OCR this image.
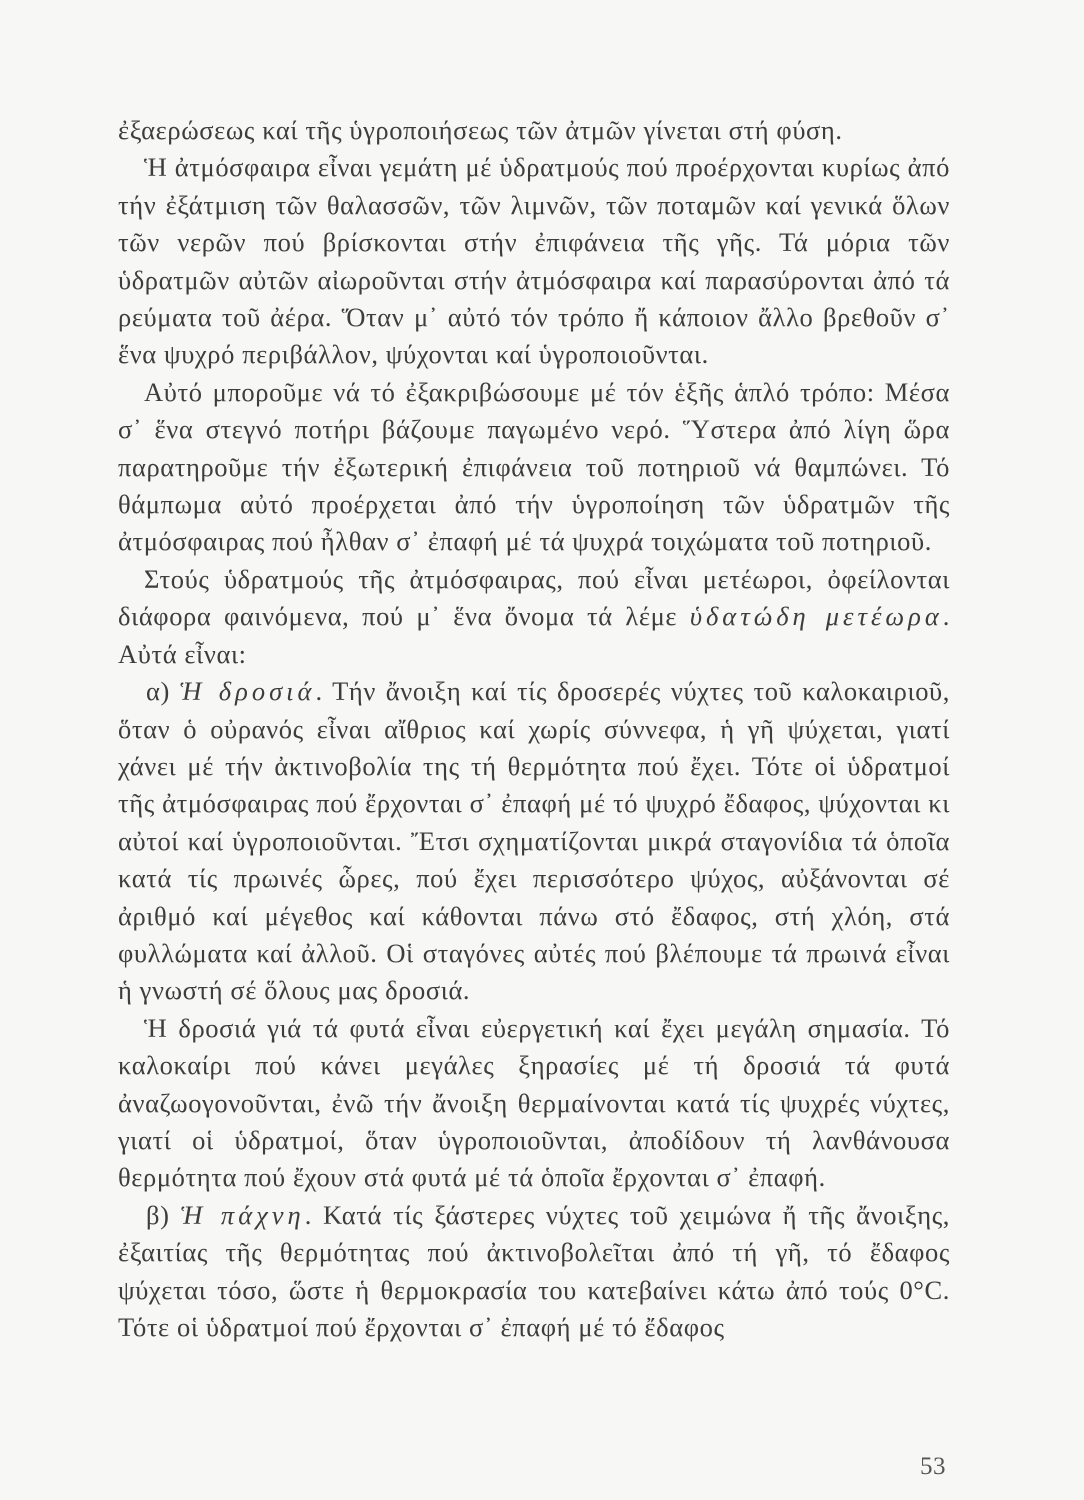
ἐξαερώσεως καί τῆς ὑγροποιήσεως τῶν ἀτμῶν γίνεται στή φύση.

Ἡ ἀτμόσφαιρα εἶναι γεμάτη μέ ὑδρατμούς πού προέρχονται κυρίως ἀπό τήν ἐξάτμιση τῶν θαλασσῶν, τῶν λιμνῶν, τῶν ποταμῶν καί γενικά ὅλων τῶν νερῶν πού βρίσκονται στήν ἐπιφάνεια τῆς γῆς. Τά μόρια τῶν ὑδρατμῶν αὐτῶν αἰωροῦνται στήν ἀτμόσφαιρα καί παρασύρονται ἀπό τά ρεύματα τοῦ ἀέρα. Ὅταν μ᾽ αὐτό τόν τρόπο ἤ κάποιον ἄλλο βρεθοῦν σ᾽ ἕνα ψυχρό περιβάλλον, ψύχονται καί ὑγροποιοῦνται.

Αὐτό μποροῦμε νά τό ἐξακριβώσουμε μέ τόν ἑξῆς ἁπλό τρόπο: Μέσα σ᾽ ἕνα στεγνό ποτήρι βάζουμε παγωμένο νερό. Ὕστερα ἀπό λίγη ὥρα παρατηροῦμε τήν ἐξωτερική ἐπιφάνεια τοῦ ποτηριοῦ νά θαμπώνει. Τό θάμπωμα αὐτό προέρχεται ἀπό τήν ὑγροποίηση τῶν ὑδρατμῶν τῆς ἀτμόσφαιρας πού ἦλθαν σ᾽ ἐπαφή μέ τά ψυχρά τοιχώματα τοῦ ποτηριοῦ.

Στούς ὑδρατμούς τῆς ἀτμόσφαιρας, πού εἶναι μετέωροι, ὀφείλονται διάφορα φαινόμενα, πού μ᾽ ἕνα ὄνομα τά λέμε ὑδατώδη μετέωρα. Αὐτά εἶναι:

α) Ἡ δροσιά. Τήν ἄνοιξη καί τίς δροσερές νύχτες τοῦ καλοκαιριοῦ, ὅταν ὁ οὐρανός εἶναι αἴθριος καί χωρίς σύννεφα, ἡ γῆ ψύχεται, γιατί χάνει μέ τήν ἀκτινοβολία της τή θερμότητα πού ἔχει. Τότε οἱ ὑδρατμοί τῆς ἀτμόσφαιρας πού ἔρχονται σ᾽ ἐπαφή μέ τό ψυχρό ἔδαφος, ψύχονται κι αὐτοί καί ὑγροποιοῦνται. Ἔτσι σχηματίζονται μικρά σταγονίδια τά ὁποῖα κατά τίς πρωινές ὧρες, πού ἔχει περισσότερο ψύχος, αὐξάνονται σέ ἀριθμό καί μέγεθος καί κάθονται πάνω στό ἔδαφος, στή χλόη, στά φυλλώματα καί ἀλλοῦ. Οἱ σταγόνες αὐτές πού βλέπουμε τά πρωινά εἶναι ἡ γνωστή σέ ὅλους μας δροσιά.

Ἡ δροσιά γιά τά φυτά εἶναι εὐεργετική καί ἔχει μεγάλη σημασία. Τό καλοκαίρι πού κάνει μεγάλες ξηρασίες μέ τή δροσιά τά φυτά ἀναζωογονοῦνται, ἐνῶ τήν ἄνοιξη θερμαίνονται κατά τίς ψυχρές νύχτες, γιατί οἱ ὑδρατμοί, ὅταν ὑγροποιοῦνται, ἀποδίδουν τή λανθάνουσα θερμότητα πού ἔχουν στά φυτά μέ τά ὁποῖα ἔρχονται σ᾽ ἐπαφή.

β) Ἡ πάχνη. Κατά τίς ξάστερες νύχτες τοῦ χειμώνα ἤ τῆς ἄνοιξης, ἐξαιτίας τῆς θερμότητας πού ἀκτινοβολεῖται ἀπό τή γῆ, τό ἔδαφος ψύχεται τόσο, ὥστε ἡ θερμοκρασία του κατεβαίνει κάτω ἀπό τούς 0°C. Τότε οἱ ὑδρατμοί πού ἔρχονται σ᾽ ἐπαφή μέ τό ἔδαφος

53
